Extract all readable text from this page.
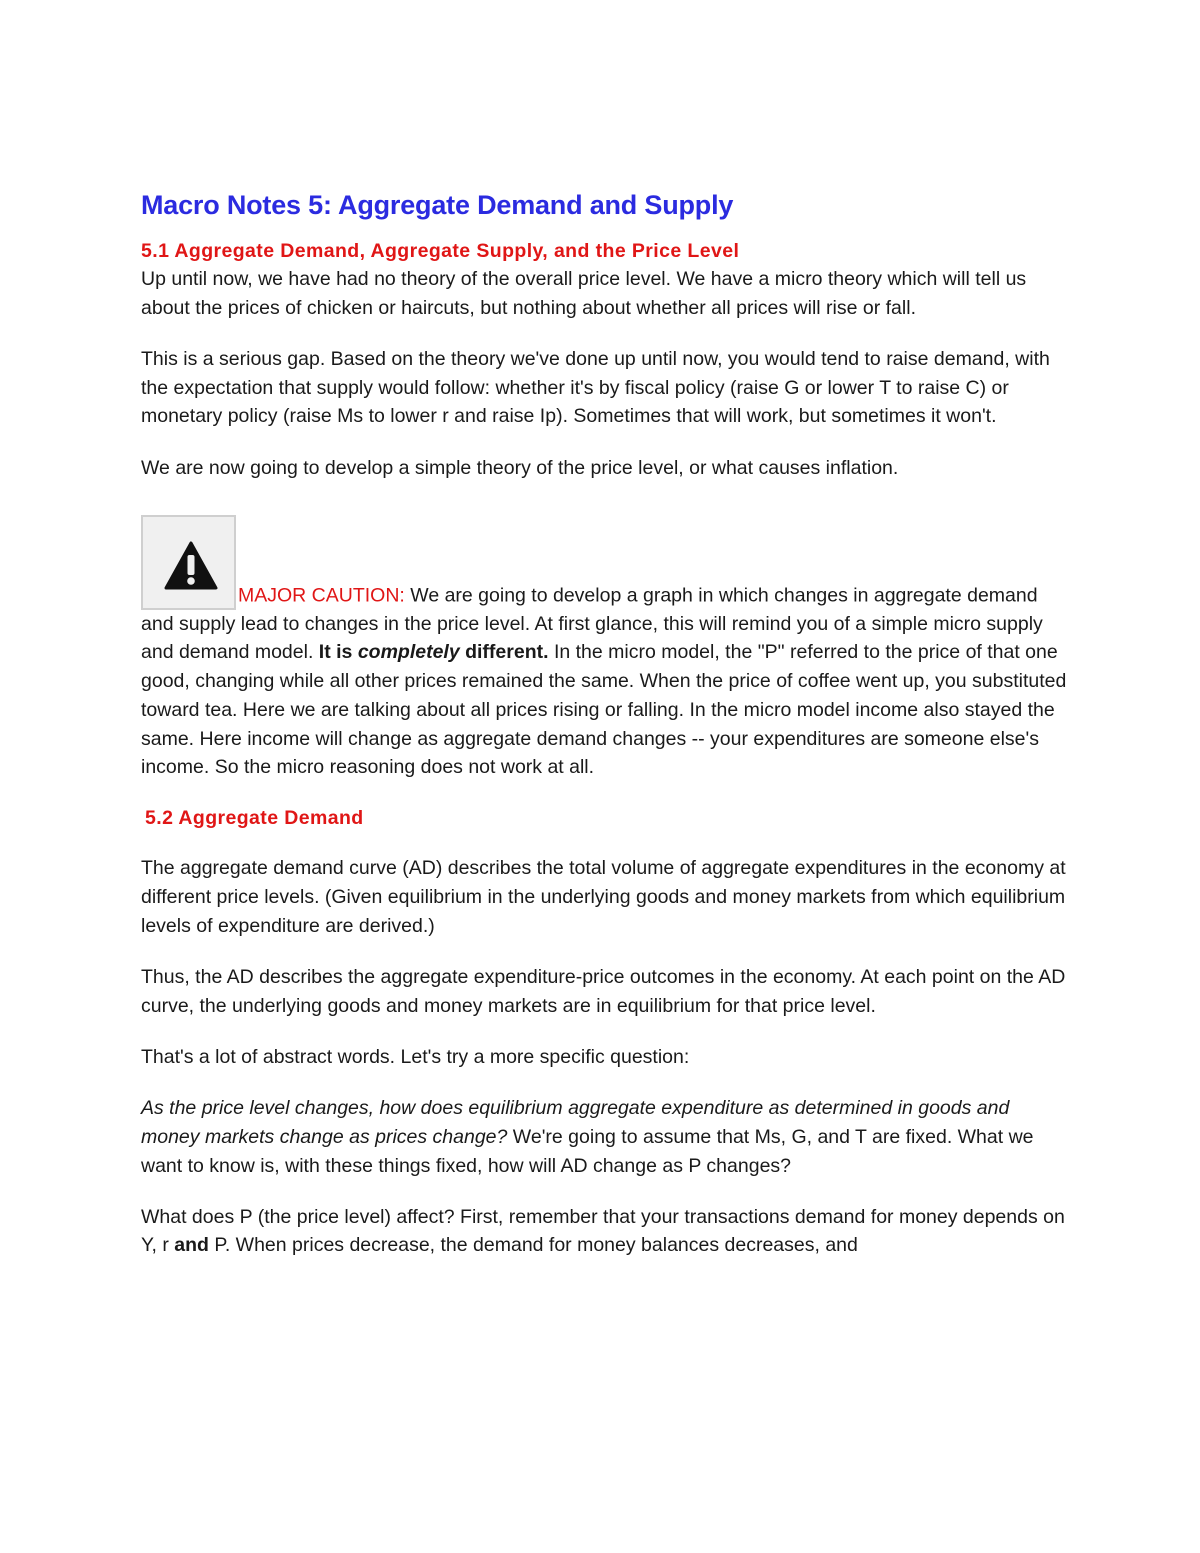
Macro Notes 5: Aggregate Demand and Supply
5.1 Aggregate Demand, Aggregate Supply, and the Price Level

Up until now, we have had no theory of the overall price level. We have a micro theory which will tell us about the prices of chicken or haircuts, but nothing about whether all prices will rise or fall.

This is a serious gap. Based on the theory we've done up until now, you would tend to raise demand, with the expectation that supply would follow: whether it's by fiscal policy (raise G or lower T to raise C) or monetary policy (raise Ms to lower r and raise Ip). Sometimes that will work, but sometimes it won't.

We are now going to develop a simple theory of the price level, or what causes inflation.

MAJOR CAUTION: We are going to develop a graph in which changes in aggregate demand and supply lead to changes in the price level. At first glance, this will remind you of a simple micro supply and demand model. It is completely different. In the micro model, the "P" referred to the price of that one good, changing while all other prices remained the same. When the price of coffee went up, you substituted toward tea. Here we are talking about all prices rising or falling. In the micro model income also stayed the same. Here income will change as aggregate demand changes -- your expenditures are someone else's income. So the micro reasoning does not work at all.

5.2 Aggregate Demand

The aggregate demand curve (AD) describes the total volume of aggregate expenditures in the economy at different price levels. (Given equilibrium in the underlying goods and money markets from which equilibrium levels of expenditure are derived.)

Thus, the AD describes the aggregate expenditure-price outcomes in the economy. At each point on the AD curve, the underlying goods and money markets are in equilibrium for that price level.

That's a lot of abstract words. Let's try a more specific question:

As the price level changes, how does equilibrium aggregate expenditure as determined in goods and money markets change as prices change? We're going to assume that Ms, G, and T are fixed. What we want to know is, with these things fixed, how will AD change as P changes?

What does P (the price level) affect? First, remember that your transactions demand for money depends on Y, r and P. When prices decrease, the demand for money balances decreases, and
